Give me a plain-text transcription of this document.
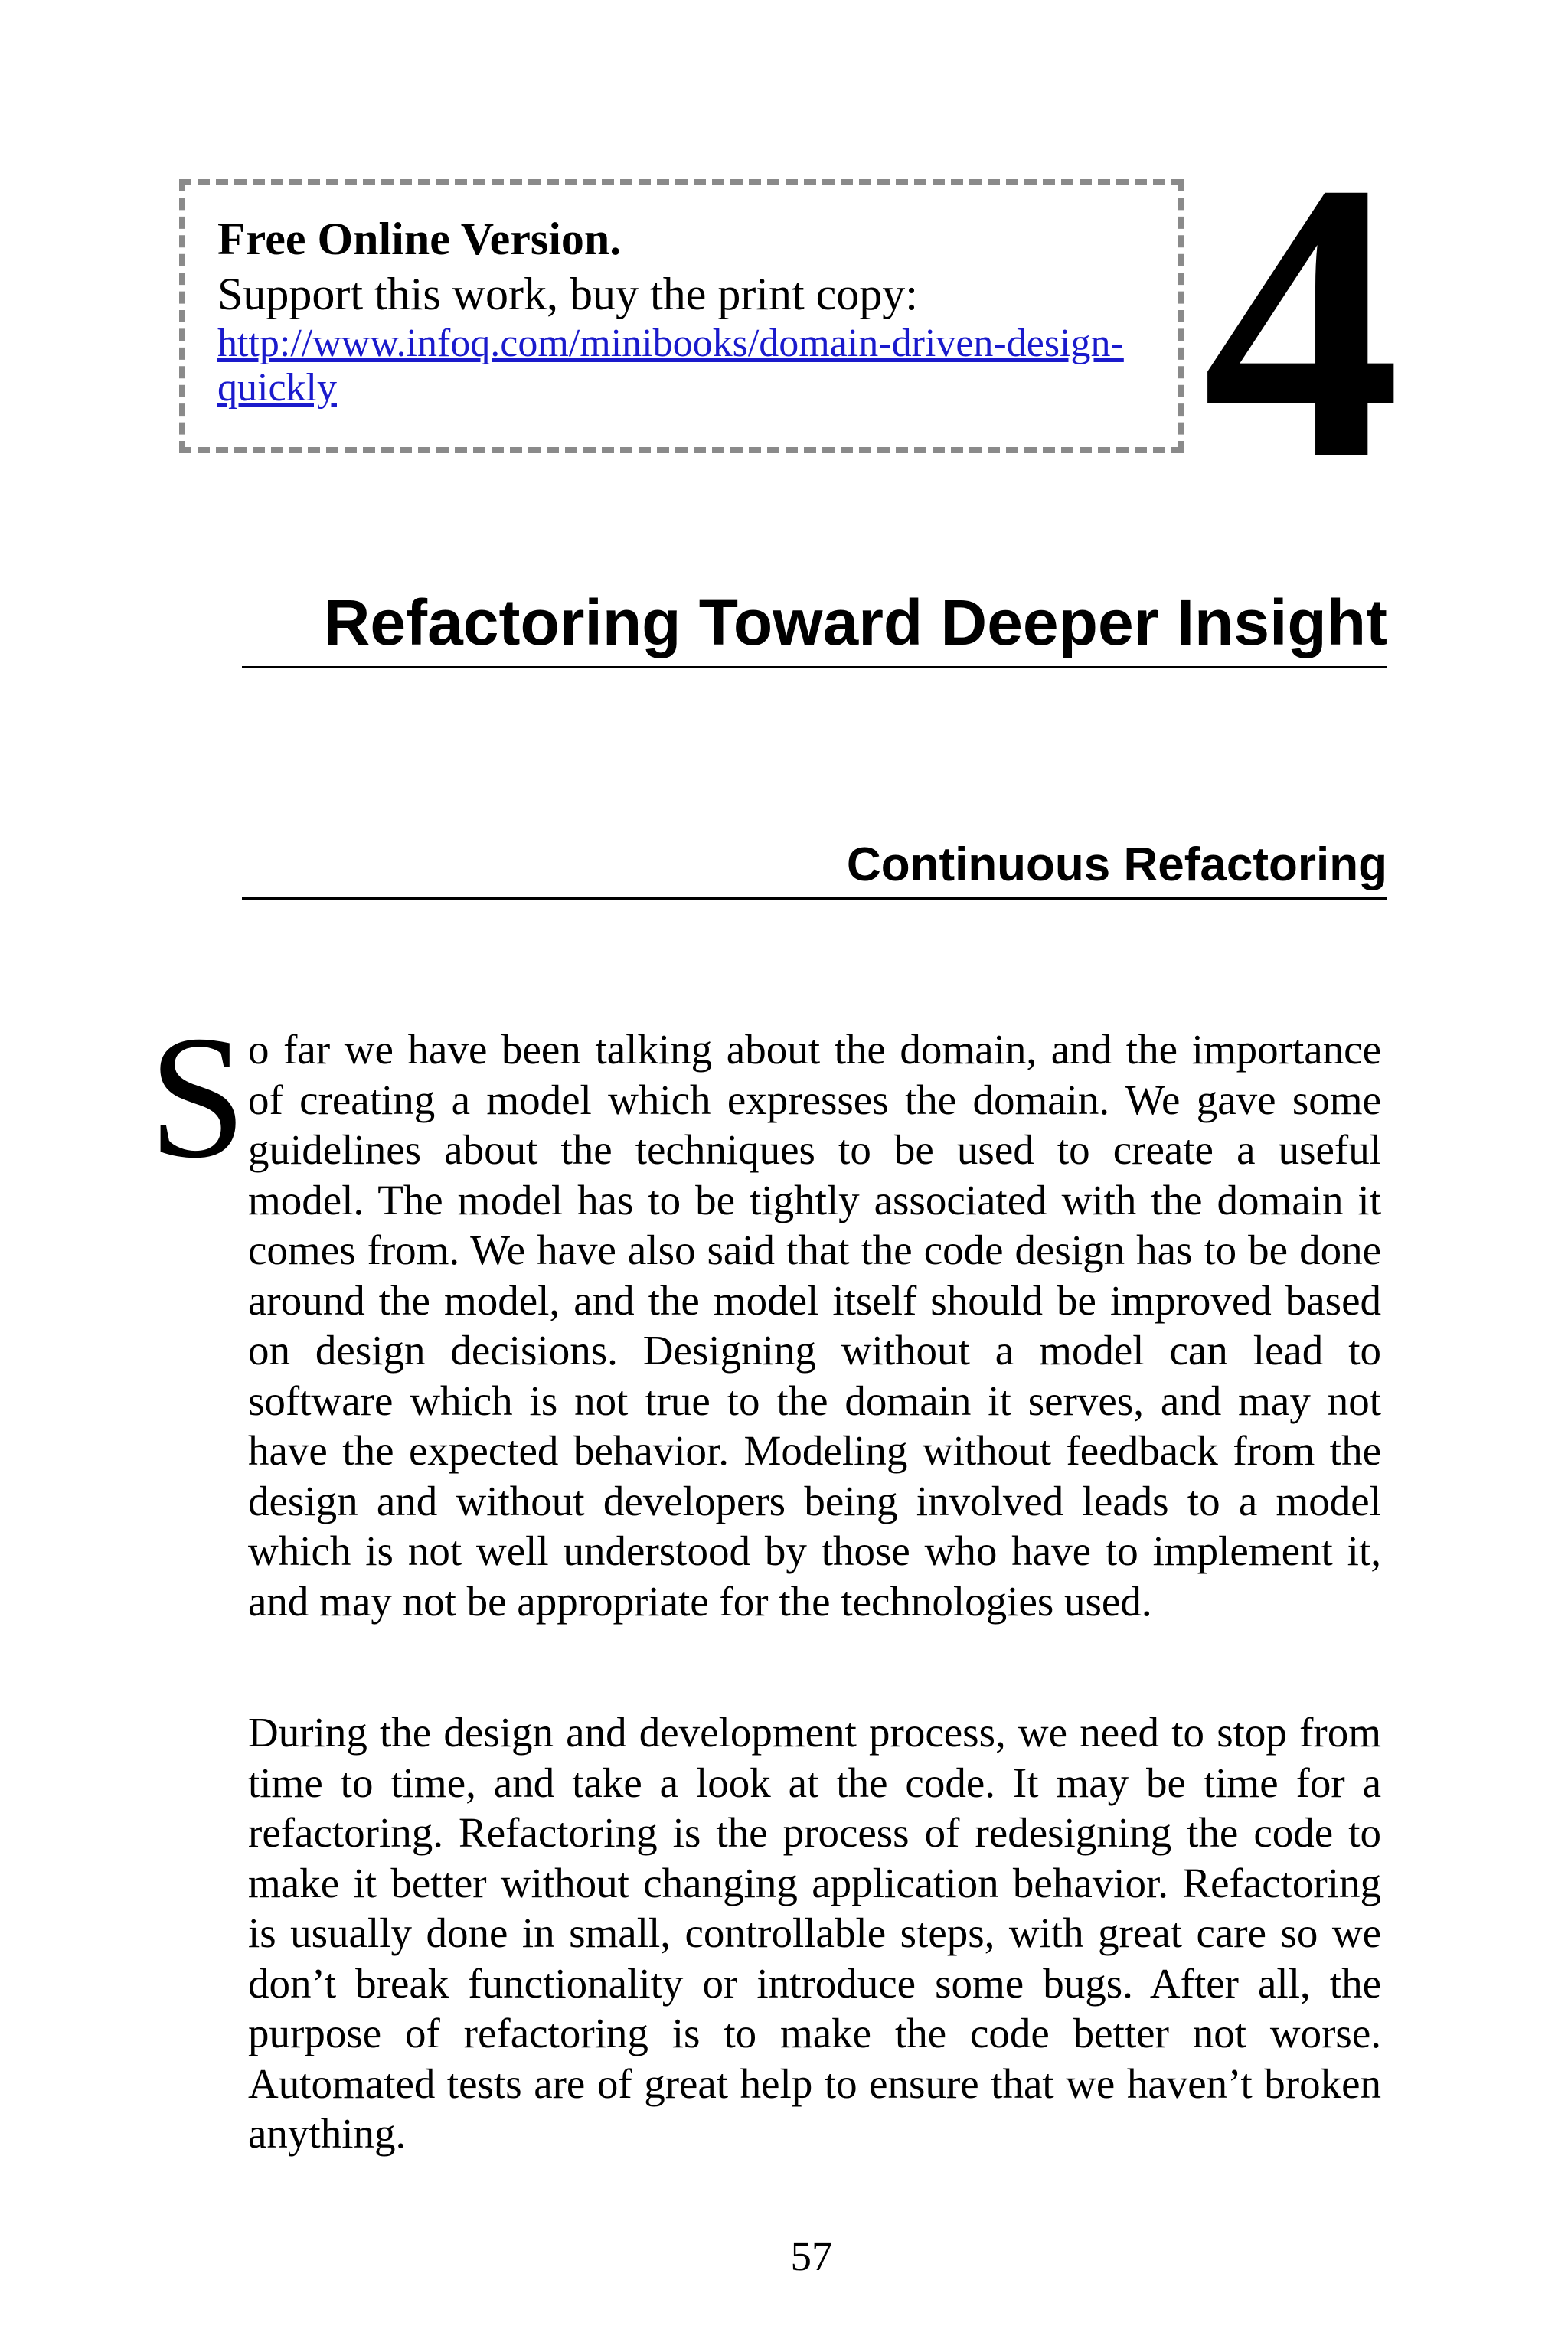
Free Online Version.

Support this work, buy the print copy:

http://www.infoq.com/minibooks/domain-driven-design-quickly	4
Refactoring Toward Deeper Insight
Continuous Refactoring
S o far we have been talking about the domain, and the importance of creating a model which expresses the domain. We gave some guidelines about the techniques to be used to create a useful model. The model has to be tightly associated with the domain it comes from. We have also said that the code design has to be done around the model, and the model itself should be improved based on design decisions. Designing without a model can lead to software which is not true to the domain it serves, and may not have the expected behavior. Modeling without feedback from the design and without developers being involved leads to a model which is not well understood by those who have to implement it, and may not be appropriate for the technologies used.

During the design and development process, we need to stop from time to time, and take a look at the code. It may be time for a refactoring. Refactoring is the process of redesigning the code to make it better without changing application behavior. Refactoring is usually done in small, controllable steps, with great care so we don’t break functionality or introduce some bugs. After all, the purpose of refactoring is to make the code better not worse. Automated tests are of great help to ensure that we haven’t broken anything.

57
